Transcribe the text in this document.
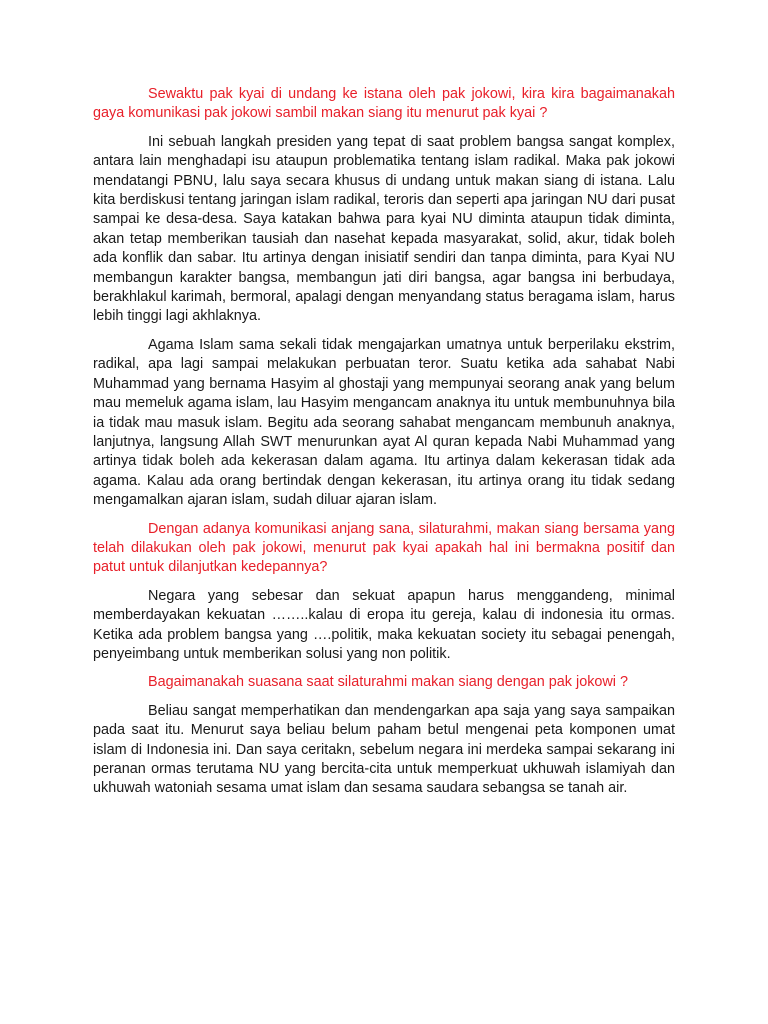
Sewaktu pak kyai di undang ke istana oleh pak jokowi, kira kira bagaimanakah gaya komunikasi pak jokowi sambil makan siang itu menurut pak kyai ?

Ini sebuah langkah presiden yang tepat di saat problem bangsa sangat komplex, antara lain menghadapi isu ataupun problematika tentang islam radikal. Maka pak jokowi mendatangi PBNU, lalu saya secara khusus di undang untuk makan siang di istana. Lalu kita berdiskusi tentang jaringan islam radikal, teroris dan seperti apa jaringan NU dari pusat sampai ke desa-desa. Saya katakan bahwa para kyai NU diminta ataupun tidak diminta, akan tetap memberikan tausiah dan nasehat kepada masyarakat, solid, akur, tidak boleh ada konflik dan sabar. Itu artinya dengan inisiatif sendiri dan tanpa diminta, para Kyai NU membangun karakter bangsa, membangun jati diri bangsa, agar bangsa ini berbudaya, berakhlakul karimah, bermoral, apalagi dengan menyandang status beragama islam, harus lebih tinggi lagi akhlaknya.

Agama Islam sama sekali tidak mengajarkan umatnya untuk berperilaku ekstrim, radikal, apa lagi sampai melakukan perbuatan teror. Suatu ketika ada sahabat Nabi Muhammad yang bernama Hasyim al ghostaji yang mempunyai seorang anak yang belum mau memeluk agama islam, lau Hasyim mengancam anaknya itu untuk membunuhnya bila ia tidak mau masuk islam. Begitu ada seorang sahabat mengancam membunuh anaknya, lanjutnya, langsung Allah SWT menurunkan ayat Al quran kepada Nabi Muhammad yang artinya tidak boleh ada kekerasan dalam agama. Itu artinya dalam kekerasan tidak ada agama. Kalau ada orang bertindak dengan kekerasan, itu artinya orang itu tidak sedang mengamalkan ajaran islam, sudah diluar ajaran islam.

Dengan adanya komunikasi anjang sana, silaturahmi, makan siang bersama yang telah dilakukan oleh pak jokowi, menurut pak kyai apakah hal ini bermakna positif dan patut untuk dilanjutkan kedepannya?

Negara yang sebesar dan sekuat apapun harus menggandeng, minimal memberdayakan kekuatan ……..kalau di eropa itu gereja, kalau di indonesia itu ormas. Ketika ada problem bangsa yang ….politik, maka kekuatan society itu sebagai penengah, penyeimbang untuk memberikan solusi yang non politik.

Bagaimanakah suasana saat silaturahmi makan siang dengan pak jokowi ?

Beliau sangat memperhatikan dan mendengarkan apa saja yang saya sampaikan pada saat itu. Menurut saya beliau belum paham betul mengenai peta komponen umat islam di Indonesia ini. Dan saya ceritakn, sebelum negara ini merdeka sampai sekarang ini peranan ormas terutama NU yang bercita-cita untuk memperkuat ukhuwah islamiyah dan ukhuwah watoniah sesama umat islam dan sesama saudara sebangsa se tanah air.
